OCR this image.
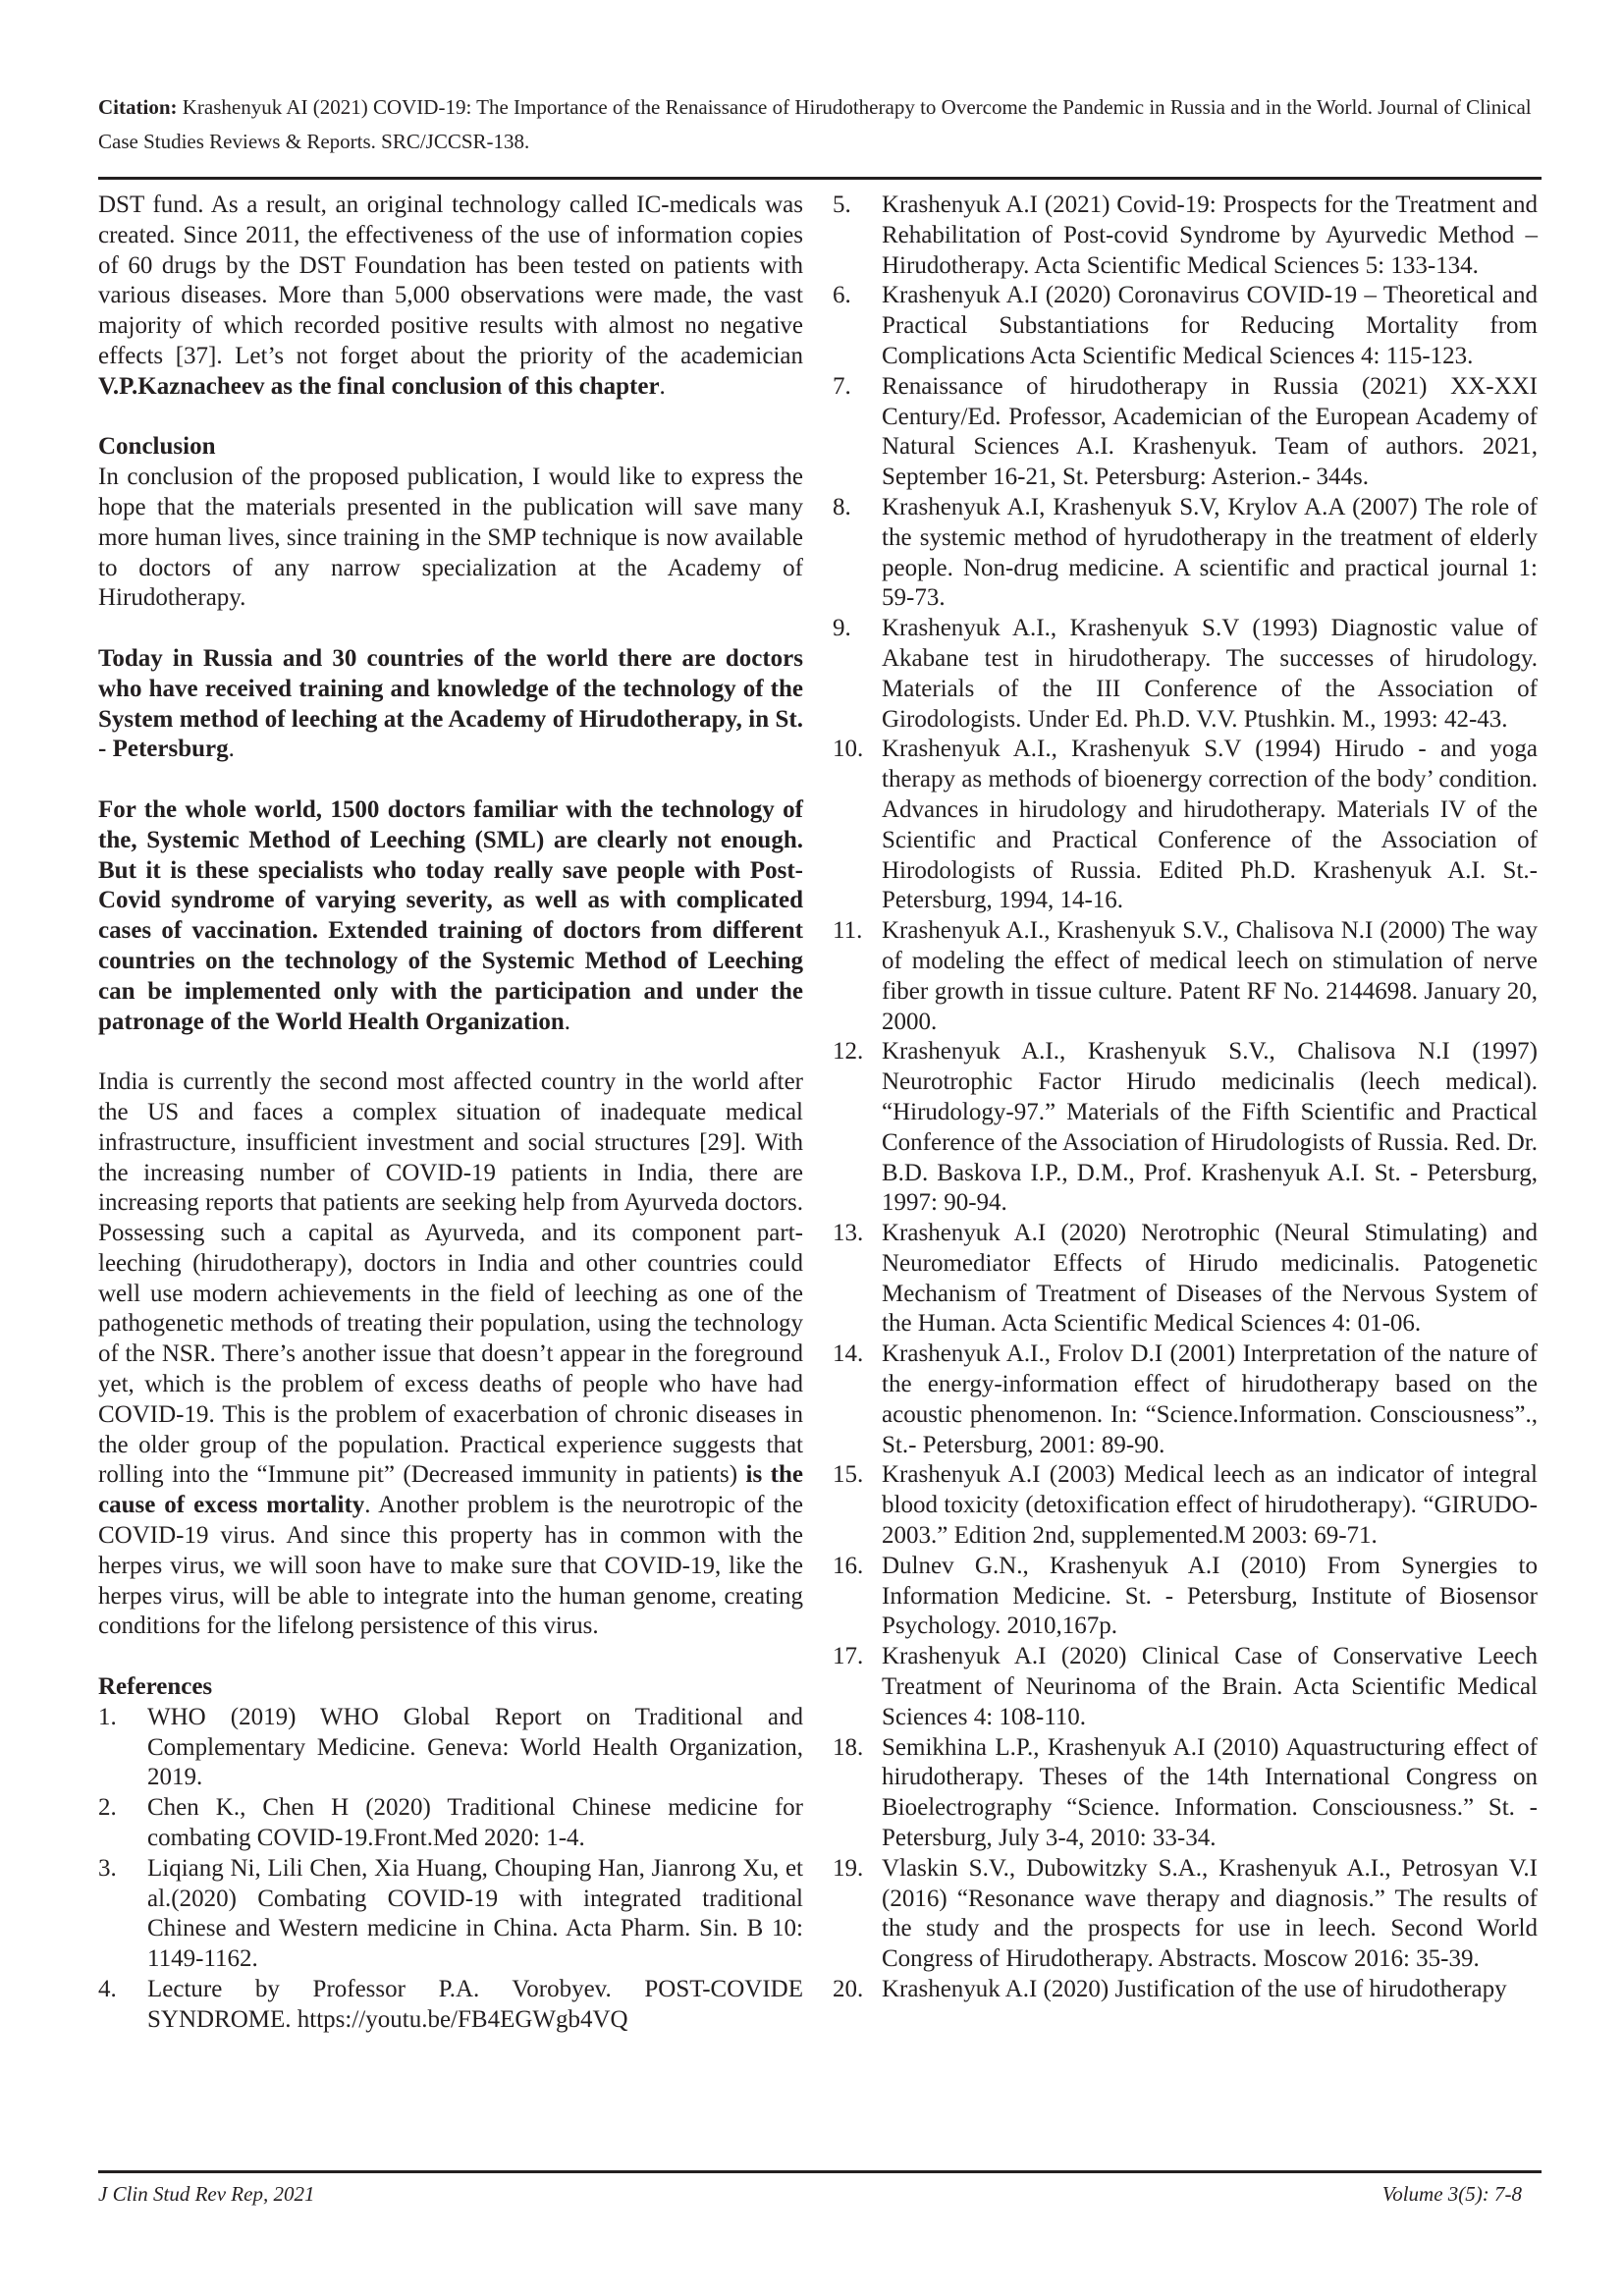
Citation: Krashenyuk AI (2021) COVID-19: The Importance of the Renaissance of Hirudotherapy to Overcome the Pandemic in Russia and in the World. Journal of Clinical Case Studies Reviews & Reports. SRC/JCCSR-138.

DST fund. As a result, an original technology called IC-medicals was created. Since 2011, the effectiveness of the use of information copies of 60 drugs by the DST Foundation has been tested on patients with various diseases. More than 5,000 observations were made, the vast majority of which recorded positive results with almost no negative effects [37]. Let’s not forget about the priority of the academician V.P.Kaznacheev as the final conclusion of this chapter.

Conclusion

In conclusion of the proposed publication, I would like to express the hope that the materials presented in the publication will save many more human lives, since training in the SMP technique is now available to doctors of any narrow specialization at the Academy of Hirudotherapy.

Today in Russia and 30 countries of the world there are doctors who have received training and knowledge of the technology of the System method of leeching at the Academy of Hirudotherapy, in St. - Petersburg.

For the whole world, 1500 doctors familiar with the technology of the, Systemic Method of Leeching (SML) are clearly not enough. But it is these specialists who today really save people with Post-Covid syndrome of varying severity, as well as with complicated cases of vaccination. Extended training of doctors from different countries on the technology of the Systemic Method of Leeching can be implemented only with the participation and under the patronage of the World Health Organization.

India is currently the second most affected country in the world after the US and faces a complex situation of inadequate medical infrastructure, insufficient investment and social structures [29]. With the increasing number of COVID-19 patients in India, there are increasing reports that patients are seeking help from Ayurveda doctors. Possessing such a capital as Ayurveda, and its component part- leeching (hirudotherapy), doctors in India and other countries could well use modern achievements in the field of leeching as one of the pathogenetic methods of treating their population, using the technology of the NSR. There’s another issue that doesn’t appear in the foreground yet, which is the problem of excess deaths of people who have had COVID-19. This is the problem of exacerbation of chronic diseases in the older group of the population. Practical experience suggests that rolling into the “Immune pit” (Decreased immunity in patients) is the cause of excess mortality. Another problem is the neurotropic of the COVID-19 virus. And since this property has in common with the herpes virus, we will soon have to make sure that COVID-19, like the herpes virus, will be able to integrate into the human genome, creating conditions for the lifelong persistence of this virus.

References

1.	WHO (2019) WHO Global Report on Traditional and Complementary Medicine. Geneva: World Health Organization, 2019.
2.	Chen K., Chen H (2020) Traditional Chinese medicine for combating COVID-19.Front.Med 2020: 1-4.
3.	Liqiang Ni, Lili Chen, Xia Huang, Chouping Han, Jianrong Xu, et al.(2020) Combating COVID-19 with integrated traditional Chinese and Western medicine in China. Acta Pharm. Sin. B 10: 1149-1162.
4.	Lecture by Professor P.A. Vorobyev. POST-COVIDE SYNDROME. https://youtu.be/FB4EGWgb4VQ
5.	Krashenyuk A.I (2021) Covid-19: Prospects for the Treatment and Rehabilitation of Post-covid Syndrome by Ayurvedic Method – Hirudotherapy. Acta Scientific Medical Sciences 5: 133-134.
6.	Krashenyuk A.I (2020) Coronavirus COVID-19 – Theoretical and Practical Substantiations for Reducing Mortality from Complications Acta Scientific Medical Sciences 4: 115-123.
7.	Renaissance of hirudotherapy in Russia (2021) XX-XXI Century/Ed. Professor, Academician of the European Academy of Natural Sciences A.I. Krashenyuk. Team of authors. 2021, September 16-21, St. Petersburg: Asterion.- 344s.
8.	Krashenyuk A.I, Krashenyuk S.V, Krylov A.A (2007) The role of the systemic method of hyrudotherapy in the treatment of elderly people. Non-drug medicine. A scientific and practical journal 1: 59-73.
9.	Krashenyuk A.I., Krashenyuk S.V (1993) Diagnostic value of Akabane test in hirudotherapy. The successes of hirudology. Materials of the III Conference of the Association of Girodologists. Under Ed. Ph.D. V.V. Ptushkin. M., 1993: 42-43.
10. Krashenyuk A.I., Krashenyuk S.V (1994) Hirudo - and yoga therapy as methods of bioenergy correction of the body’ condition. Advances in hirudology and hirudotherapy. Materials IV of the Scientific and Practical Conference of the Association of Hirodologists of Russia. Edited Ph.D. Krashenyuk A.I. St.- Petersburg, 1994, 14-16.
11. Krashenyuk A.I., Krashenyuk S.V., Chalisova N.I (2000) The way of modeling the effect of medical leech on stimulation of nerve fiber growth in tissue culture. Patent RF No. 2144698. January 20, 2000.
12. Krashenyuk A.I., Krashenyuk S.V., Chalisova N.I (1997) Neurotrophic Factor Hirudo medicinalis (leech medical). “Hirudology-97.” Materials of the Fifth Scientific and Practical Conference of the Association of Hirudologists of Russia. Red. Dr. B.D. Baskova I.P., D.M., Prof. Krashenyuk A.I. St. - Petersburg, 1997: 90-94.
13. Krashenyuk A.I (2020) Nerotrophic (Neural Stimulating) and Neuromediator Effects of Hirudo medicinalis. Patogenetic Mechanism of Treatment of Diseases of the Nervous System of the Human. Acta Scientific Medical Sciences 4: 01-06.
14. Krashenyuk A.I., Frolov D.I (2001) Interpretation of the nature of the energy-information effect of hirudotherapy based on the acoustic phenomenon. In: “Science.Information. Consciousness”., St.- Petersburg, 2001: 89-90.
15. Krashenyuk A.I (2003) Medical leech as an indicator of integral blood toxicity (detoxification effect of hirudotherapy). “GIRUDO-2003.” Edition 2nd, supplemented.M 2003: 69-71.
16. Dulnev G.N., Krashenyuk A.I (2010) From Synergies to Information Medicine. St. - Petersburg, Institute of Biosensor Psychology. 2010,167p.
17. Krashenyuk A.I (2020) Clinical Case of Conservative Leech Treatment of Neurinoma of the Brain. Acta Scientific Medical Sciences 4: 108-110.
18. Semikhina L.P., Krashenyuk A.I (2010) Aquastructuring effect of hirudotherapy. Theses of the 14th International Congress on Bioelectrography “Science. Information. Consciousness.” St. - Petersburg, July 3-4, 2010: 33-34.
19. Vlaskin S.V., Dubowitzky S.A., Krashenyuk A.I., Petrosyan V.I (2016) “Resonance wave therapy and diagnosis.” The results of the study and the prospects for use in leech. Second World Congress of Hirudotherapy. Abstracts. Moscow 2016: 35-39.
20. Krashenyuk A.I (2020) Justification of the use of hirudotherapy
J Clin Stud Rev Rep, 2021	Volume 3(5): 7-8
